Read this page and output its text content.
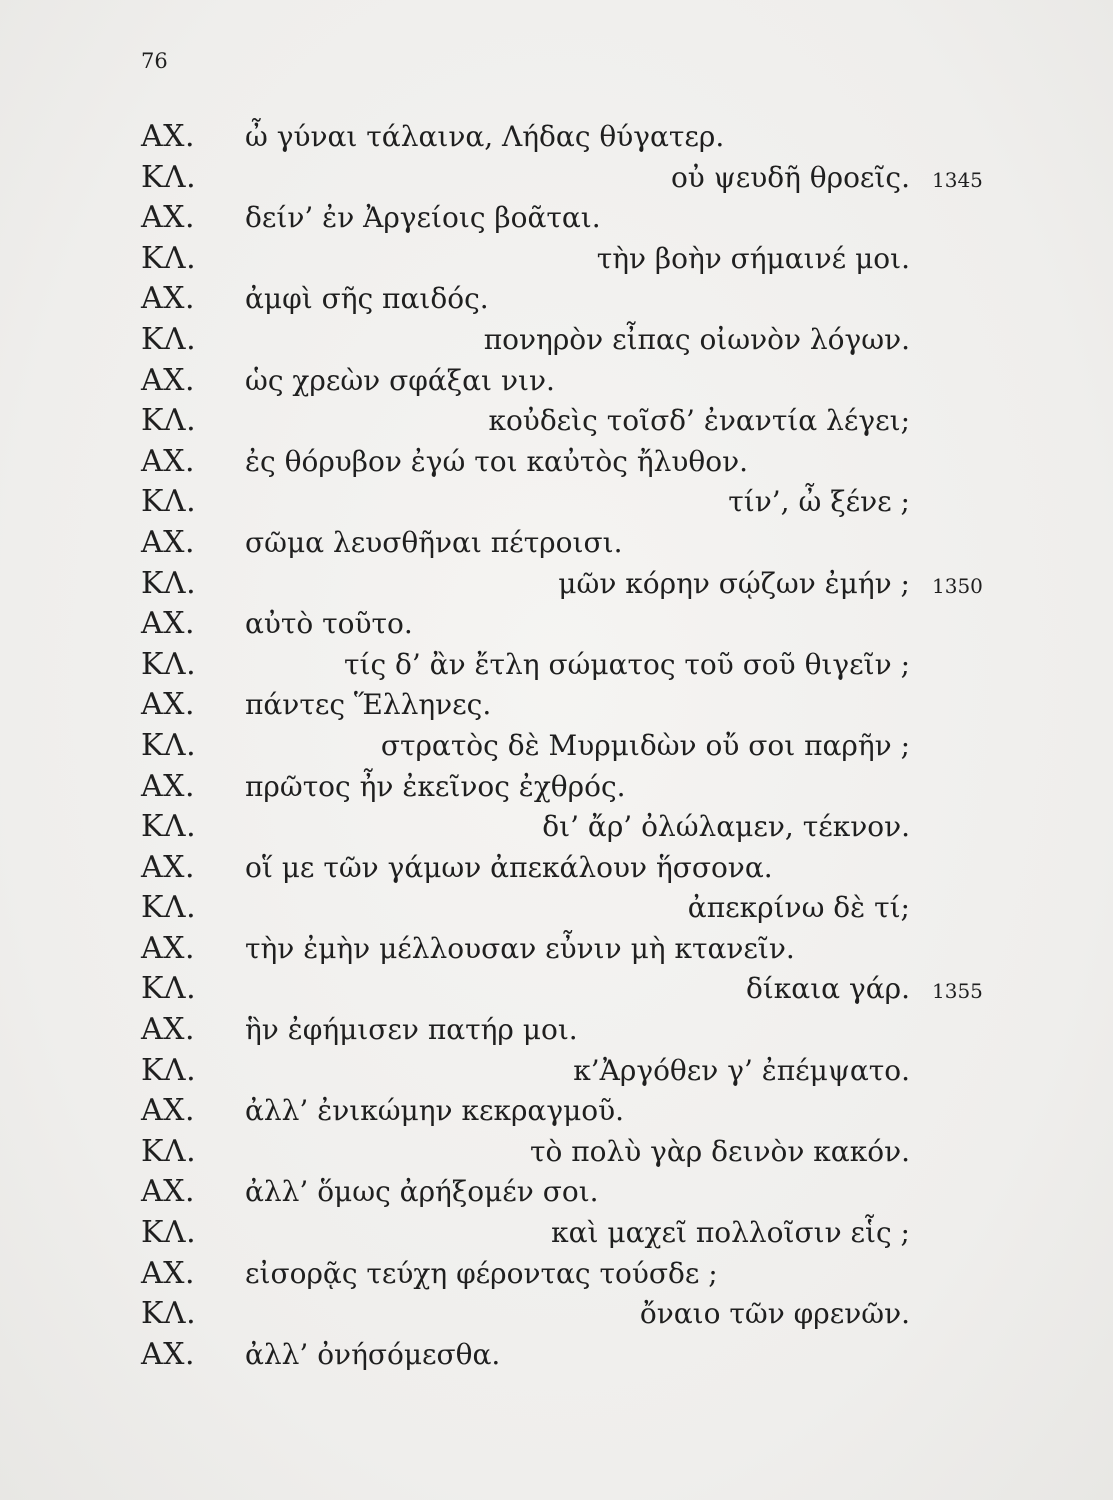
76
ΑΧ. ὦ γύναι τάλαινα, Λήδας θύγατερ.
ΚΛ.	οὐ ψευδῆ θροεῖς. 1345
ΑΧ. δείν’ ἐν Ἀργείοις βοᾶται.
ΚΛ.	τὴν βοὴν σήμαινέ μοι.
ΑΧ. ἀμφὶ σῆς παιδός.
ΚΛ.	πονηρὸν εἶπας οἰωνὸν λόγων.
ΑΧ. ὡς χρεὼν σφάξαι νιν.
ΚΛ.	κοὐδεὶς τοῖσδ’ ἐναντία λέγει;
ΑΧ. ἐς θόρυβον ἐγώ τοι καὐτὸς ἤλυθον.
ΚΛ.	τίν’, ὦ ξένε ;
ΑΧ. σῶμα λευσθῆναι πέτροισι.
ΚΛ.	μῶν κόρην σῴζων ἐμήν ; 1350
ΑΧ. αὐτὸ τοῦτο.
ΚΛ.	τίς δ’ ἂν ἔτλη σώματος τοῦ σοῦ θιγεῖν ;
ΑΧ. πάντες Ἕλληνες.
ΚΛ.	στρατὸς δὲ Μυρμιδὼν οὔ σοι παρῆν ;
ΑΧ. πρῶτος ἦν ἐκεῖνος ἐχθρός.
ΚΛ.	δι’ ἄρ’ ὀλώλαμεν, τέκνον.
ΑΧ. οἵ με τῶν γάμων ἀπεκάλουν ἥσσονα.
ΚΛ.	ἀπεκρίνω δὲ τί;
ΑΧ. τὴν ἐμὴν μέλλουσαν εὖνιν μὴ κτανεῖν.
ΚΛ.	δίκαια γάρ. 1355
ΑΧ. ἣν ἐφήμισεν πατήρ μοι.
ΚΛ.	κ’Ἀργόθεν γ’ ἐπέμψατο.
ΑΧ. ἀλλ’ ἐνικώμην κεκραγμοῦ.
ΚΛ.	τὸ πολὺ γὰρ δεινὸν κακόν.
ΑΧ. ἀλλ’ ὅμως ἀρήξομέν σοι.
ΚΛ.	καὶ μαχεῖ πολλοῖσιν εἷς ;
ΑΧ. εἰσορᾷς τεύχη φέροντας τούσδε ;
ΚΛ.	ὄναιο τῶν φρενῶν.
ΑΧ. ἀλλ’ ὀνήσόμεσθα.
